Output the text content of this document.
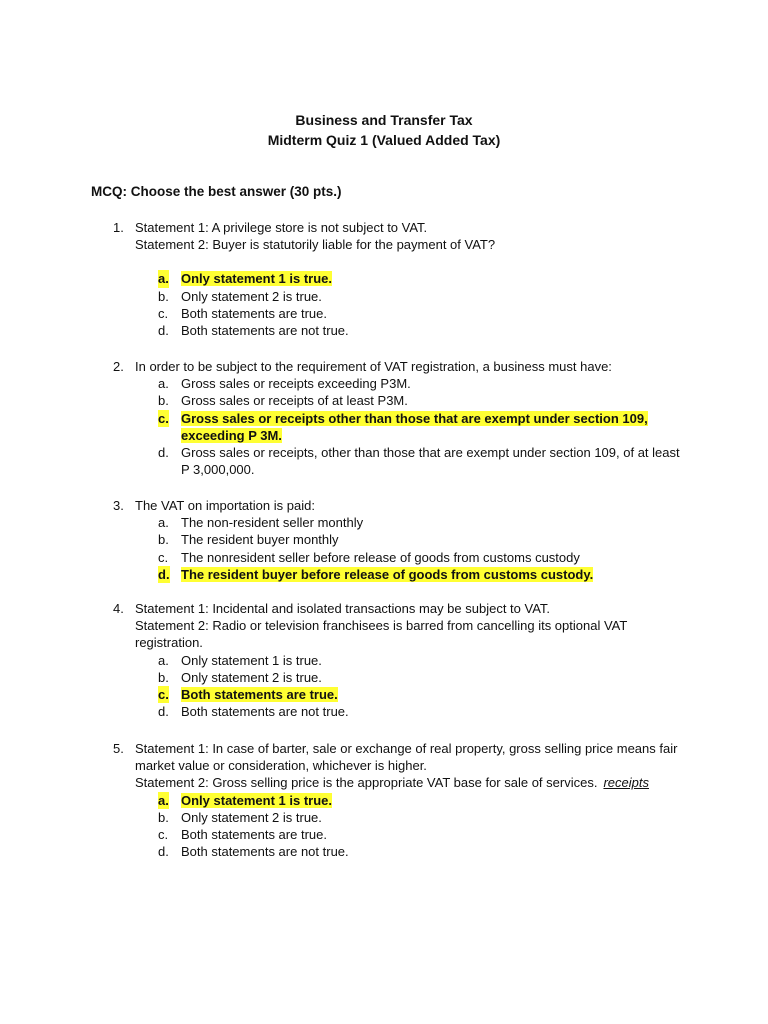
Business and Transfer Tax
Midterm Quiz 1 (Valued Added Tax)
MCQ: Choose the best answer (30 pts.)
1. Statement 1: A privilege store is not subject to VAT.
Statement 2: Buyer is statutorily liable for the payment of VAT?
a. Only statement 1 is true.
b. Only statement 2 is true.
c. Both statements are true.
d. Both statements are not true.
2. In order to be subject to the requirement of VAT registration, a business must have:
a. Gross sales or receipts exceeding P3M.
b. Gross sales or receipts of at least P3M.
c. Gross sales or receipts other than those that are exempt under section 109, exceeding P 3M.
d. Gross sales or receipts, other than those that are exempt under section 109, of at least P 3,000,000.
3. The VAT on importation is paid:
a. The non-resident seller monthly
b. The resident buyer monthly
c. The nonresident seller before release of goods from customs custody
d. The resident buyer before release of goods from customs custody.
4. Statement 1: Incidental and isolated transactions may be subject to VAT.
Statement 2: Radio or television franchisees is barred from cancelling its optional VAT registration.
a. Only statement 1 is true.
b. Only statement 2 is true.
c. Both statements are true.
d. Both statements are not true.
5. Statement 1: In case of barter, sale or exchange of real property, gross selling price means fair market value or consideration, whichever is higher.
Statement 2: Gross selling price is the appropriate VAT base for sale of services. receipts
a. Only statement 1 is true.
b. Only statement 2 is true.
c. Both statements are true.
d. Both statements are not true.
